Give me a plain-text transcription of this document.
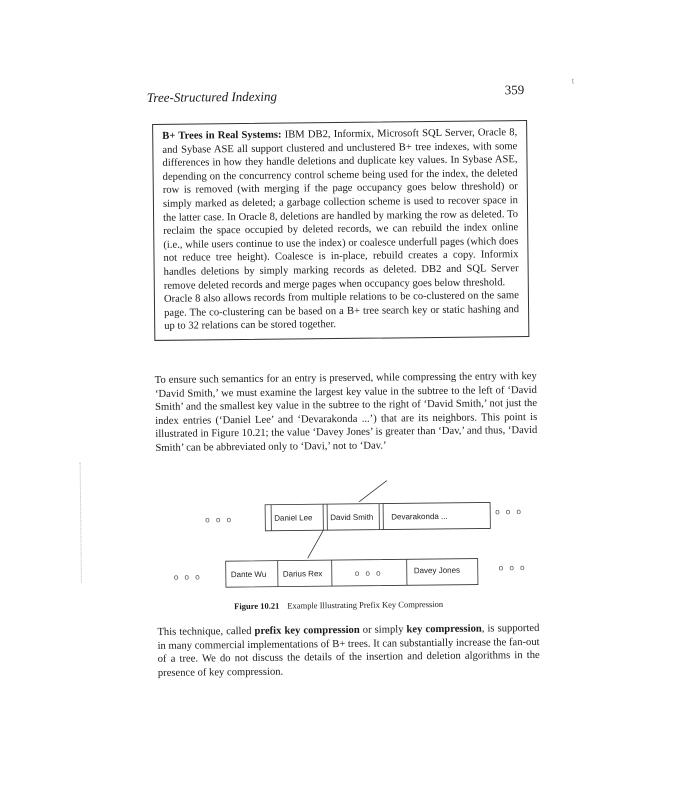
Tree-Structured Indexing	359
t

B+ Trees in Real Systems: IBM DB2, Informix, Microsoft SQL Server, Oracle 8, and Sybase ASE all support clustered and unclustered B+ tree indexes, with some differences in how they handle deletions and duplicate key values. In Sybase ASE, depending on the concurrency control scheme being used for the index, the deleted row is removed (with merging if the page occupancy goes below threshold) or simply marked as deleted; a garbage collection scheme is used to recover space in the latter case. In Oracle 8, deletions are handled by marking the row as deleted. To reclaim the space occupied by deleted records, we can rebuild the index online (i.e., while users continue to use the index) or coalesce underfull pages (which does not reduce tree height). Coalesce is in-place, rebuild creates a copy. Informix handles deletions by simply marking records as deleted. DB2 and SQL Server remove deleted records and merge pages when occupancy goes below threshold.

Oracle 8 also allows records from multiple relations to be co-clustered on the same page. The co-clustering can be based on a B+ tree search key or static hashing and up to 32 relations can be stored together.

To ensure such semantics for an entry is preserved, while compressing the entry with key ‘David Smith,’ we must examine the largest key value in the subtree to the left of ‘David Smith’ and the smallest key value in the subtree to the right of ‘David Smith,’ not just the index entries (‘Daniel Lee’ and ‘Devarakonda ...’) that are its neighbors. This point is illustrated in Figure 10.21; the value ‘Davey Jones’ is greater than ‘Dav,’ and thus, ‘David Smith’ can be abbreviated only to ‘Davi,’ not to ‘Dav.’

o o o	Daniel Lee David Smith Devarakonda ...
o o o
o o o	Dante Wu Darius Rex	o o o	Davey Jones	o o o
Figure 10.21 Example Illustrating Prefix Key Compression

This technique, called prefix key compression or simply key compression, is supported in many commercial implementations of B+ trees. It can substantially increase the fan-out of a tree. We do not discuss the details of the insertion and deletion algorithms in the presence of key compression.
